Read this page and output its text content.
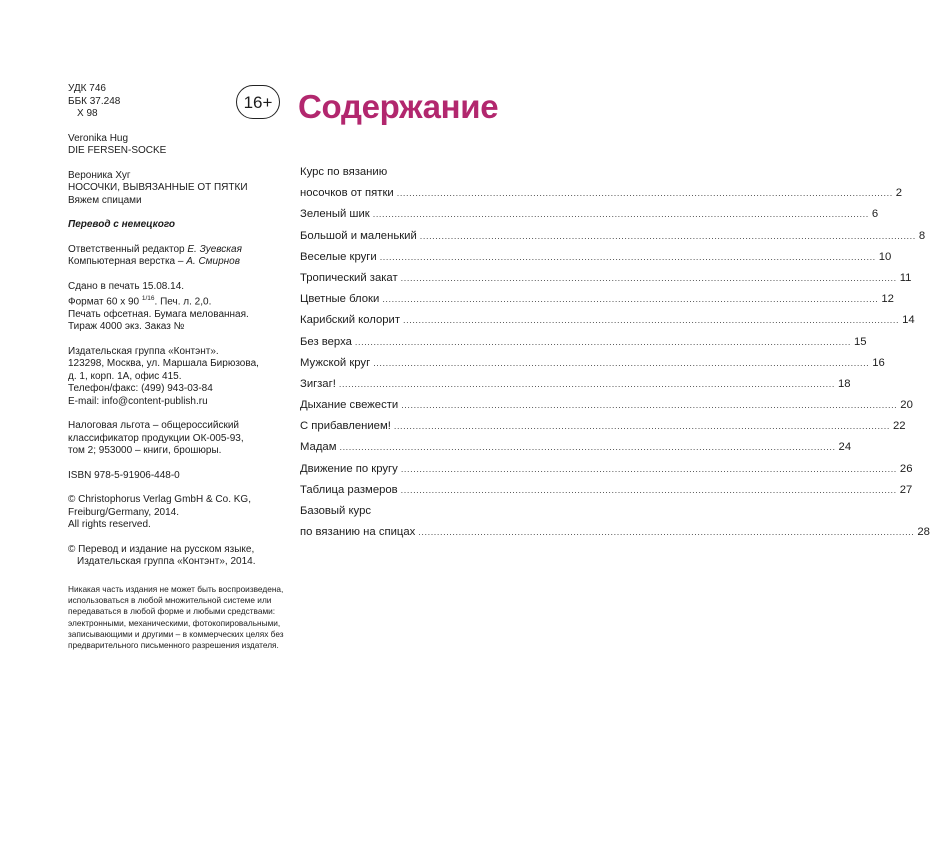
УДК 746
ББК 37.248
Х 98
Veronika Hug
DIE FERSEN-SOCKE
Вероника Хуг
НОСОЧКИ, ВЫВЯЗАННЫЕ ОТ ПЯТКИ
Вяжем спицами
Перевод с немецкого
Ответственный редактор Е. Зуевская
Компьютерная верстка – А. Смирнов
Сдано в печать 15.08.14.
Формат 60 х 90 $^{1/16}$. Печ. л. 2,0.
Печать офсетная. Бумага мелованная.
Тираж 4000 экз. Заказ №
Издательская группа «Контэнт».
123298, Москва, ул. Маршала Бирюзова,
д. 1, корп. 1А, офис 415.
Телефон/факс: (499) 943-03-84
E-mail: info@content-publish.ru
Налоговая льгота – общероссийский
классификатор продукции ОК-005-93,
том 2; 953000 – книги, брошюры.
ISBN 978-5-91906-448-0
© Christophorus Verlag GmbH & Co. KG,
Freiburg/Germany, 2014.
All rights reserved.
© Перевод и издание на русском языке,
Издательская группа «Контэнт», 2014.
Никакая часть издания не может быть воспроизведена,
использоваться в любой множительной системе или
передаваться в любой форме и любыми средствами:
электронными, механическими, фотокопировальными,
записывающими и другими – в коммерческих целях без
предварительного письменного разрешения издателя.
16+ Содержание
Курс по вязанию
носочков от пятки ................................................................................................................................................................ 2
Зеленый шик ................................................................................................................................................................ 6
Большой и маленький ................................................................................................................................................................ 8
Веселые круги ................................................................................................................................................................ 10
Тропический закат ................................................................................................................................................................ 11
Цветные блоки ................................................................................................................................................................ 12
Карибский колорит ................................................................................................................................................................ 14
Без верха ................................................................................................................................................................ 15
Мужской круг ................................................................................................................................................................ 16
Зигзаг! ................................................................................................................................................................ 18
Дыхание свежести ................................................................................................................................................................ 20
С прибавлением! ................................................................................................................................................................ 22
Мадам ................................................................................................................................................................ 24
Движение по кругу ................................................................................................................................................................ 26
Таблица размеров ................................................................................................................................................................ 27
Базовый курс
по вязанию на спицах ................................................................................................................................................................ 28
